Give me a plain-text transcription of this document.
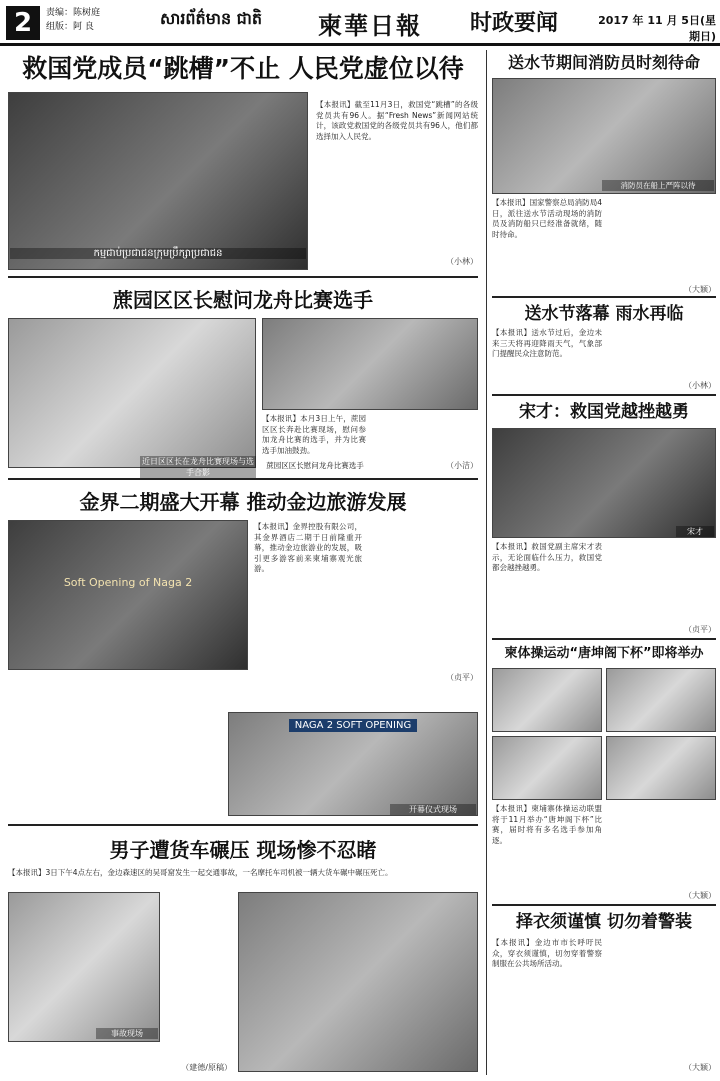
2	责编：陈树庭
组版：阿 良	សារព័ត៌មាន ជាតិ	柬華日報	时政要闻	2017 年 11 月 5日(星期日)
救国党成员“跳槽”不止 人民党虚位以待
កម្មជាប់ប្រជាជនក្រុមប្រឹក្សាប្រជាជន
【本报讯】截至11月3日，救国党“跳槽”的各级党员共有96人。据“Fresh News”新闻网站统计，该政党救国党的各级党员共有96人，他们都选择加入人民党。
（小林）
蔗园区区长慰问龙舟比赛选手
近日区区长在龙舟比赛现场与选手合影
【本报讯】本月3日上午，蔗园区区长奔赴比赛现场，慰问参加龙舟比赛的选手，并为比赛选手加油鼓劲。
蔗园区区长慰问龙舟比赛选手	（小洁）
金界二期盛大开幕 推动金边旅游发展
Soft Opening of Naga 2
【本报讯】金界控股有限公司，其金界酒店二期于日前隆重开幕，推动金边旅游业的发展，吸引更多游客前来柬埔寨观光旅游。
（贞平）
NAGA 2 SOFT OPENING
开幕仪式现场
男子遭货车碾压 现场惨不忍睹
【本报讯】3日下午4点左右，金边森速区的吴哥窟发生一起交通事故，一名摩托车司机被一辆大货车碾中碾压死亡。
事故现场
（建德/原稿）
送水节期间消防员时刻待命
消防员在船上严阵以待
【本报讯】国家警察总局消防局4日，派往送水节活动现场的消防员及消防船只已经准备就绪，随时待命。
（大颖）
送水节落幕 雨水再临
【本报讯】送水节过后，金边未来三天将再迎降雨天气，气象部门提醒民众注意防范。
（小林）
宋才：救国党越挫越勇
宋才
【本报讯】救国党副主席宋才表示，无论面临什么压力，救国党都会越挫越勇。
（贞平）
柬体操运动“唐坤阁下杯”即将举办
【本报讯】柬埔寨体操运动联盟将于11月举办“唐坤阁下杯”比赛，届时将有多名选手参加角逐。
（大颖）
择衣须谨慎 切勿着警装
【本报讯】金边市市长呼吁民众，穿衣须谨慎，切勿穿着警察制服在公共场所活动。
（大颖）
